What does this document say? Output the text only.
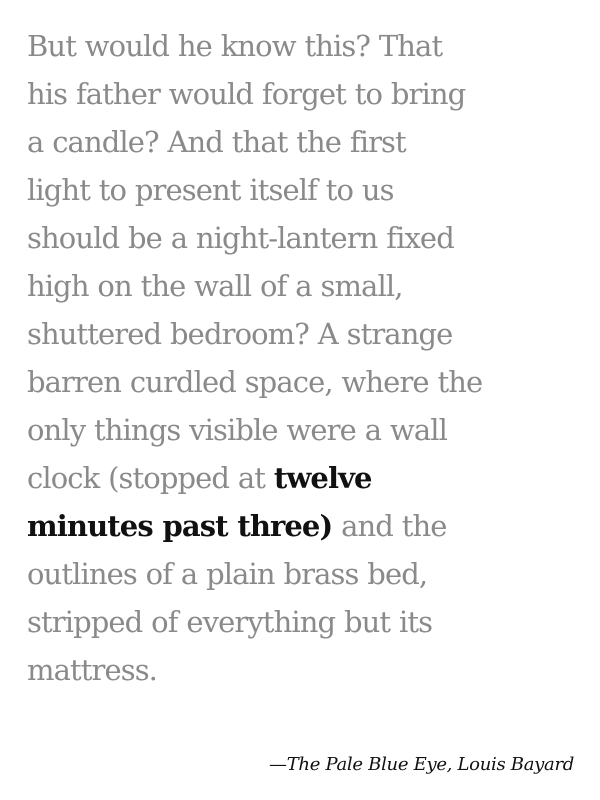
But would he know this? That
his father would forget to bring
a candle? And that the first
light to present itself to us
should be a night-lantern fixed
high on the wall of a small,
shuttered bedroom? A strange
barren curdled space, where the
only things visible were a wall
clock (stopped at twelve
minutes past three) and the
outlines of a plain brass bed,
stripped of everything but its
mattress.

—The Pale Blue Eye, Louis Bayard
